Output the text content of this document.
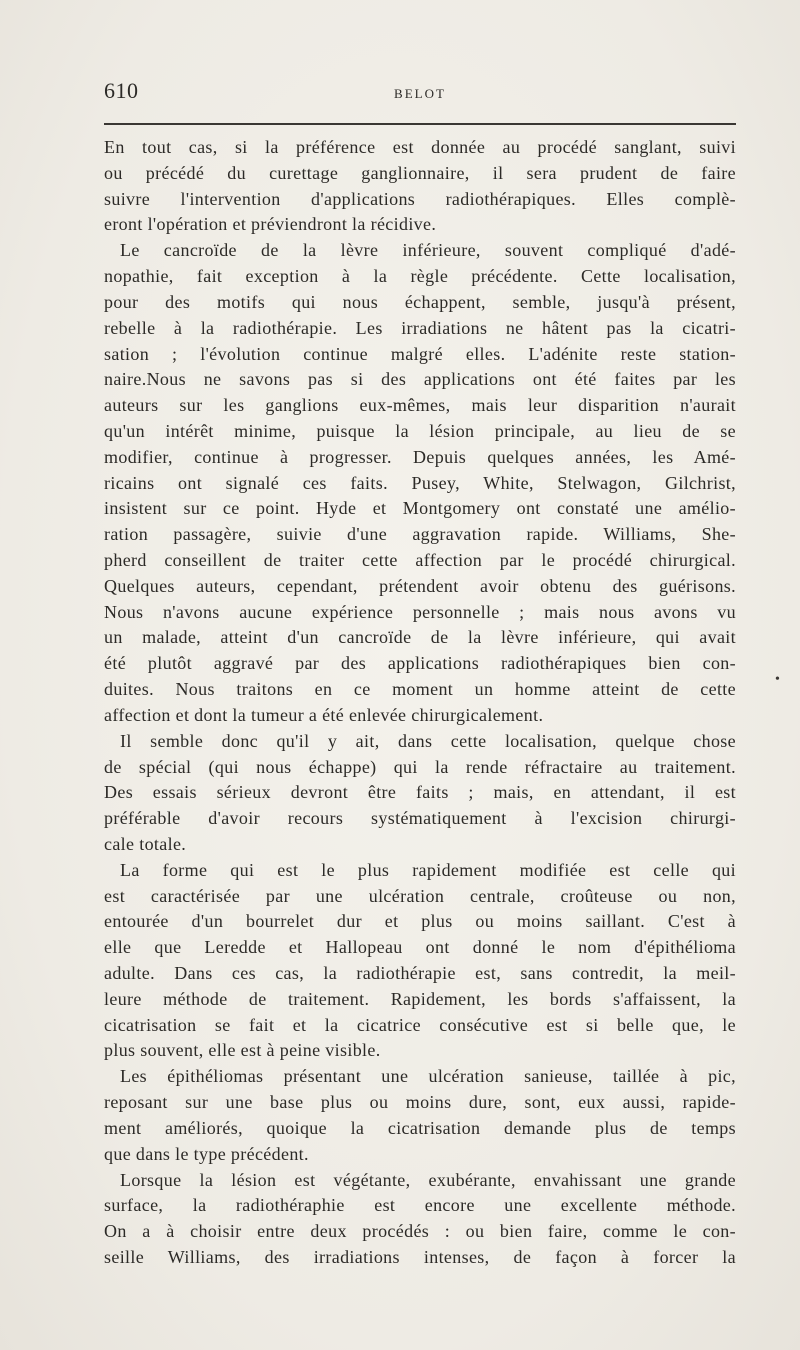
610	BELOT

En tout cas, si la préférence est donnée au procédé sanglant, suivi

ou précédé du curettage ganglionnaire, il sera prudent de faire

suivre l'intervention d'applications radiothérapiques. Elles complè-

eront l'opération et préviendront la récidive.

Le cancroïde de la lèvre inférieure, souvent compliqué d'adé-

nopathie, fait exception à la règle précédente. Cette localisation,

pour des motifs qui nous échappent, semble, jusqu'à présent,

rebelle à la radiothérapie. Les irradiations ne hâtent pas la cicatri-

sation ; l'évolution continue malgré elles. L'adénite reste station-

naire.Nous ne savons pas si des applications ont été faites par les

auteurs sur les ganglions eux-mêmes, mais leur disparition n'aurait

qu'un intérêt minime, puisque la lésion principale, au lieu de se

modifier, continue à progresser. Depuis quelques années, les Amé-

ricains ont signalé ces faits. Pusey, White, Stelwagon, Gilchrist,

insistent sur ce point. Hyde et Montgomery ont constaté une amélio-

ration passagère, suivie d'une aggravation rapide. Williams, She-

pherd conseillent de traiter cette affection par le procédé chirurgical.

Quelques auteurs, cependant, prétendent avoir obtenu des guérisons.

Nous n'avons aucune expérience personnelle ; mais nous avons vu

un malade, atteint d'un cancroïde de la lèvre inférieure, qui avait

été plutôt aggravé par des applications radiothérapiques bien con-

duites. Nous traitons en ce moment un homme atteint de cette

affection et dont la tumeur a été enlevée chirurgicalement.

Il semble donc qu'il y ait, dans cette localisation, quelque chose

de spécial (qui nous échappe) qui la rende réfractaire au traitement.

Des essais sérieux devront être faits ; mais, en attendant, il est

préférable d'avoir recours systématiquement à l'excision chirurgi-

cale totale.

La forme qui est le plus rapidement modifiée est celle qui

est caractérisée par une ulcération centrale, croûteuse ou non,

entourée d'un bourrelet dur et plus ou moins saillant. C'est à

elle que Leredde et Hallopeau ont donné le nom d'épithélioma

adulte. Dans ces cas, la radiothérapie est, sans contredit, la meil-

leure méthode de traitement. Rapidement, les bords s'affaissent, la

cicatrisation se fait et la cicatrice consécutive est si belle que, le

plus souvent, elle est à peine visible.

Les épithéliomas présentant une ulcération sanieuse, taillée à pic,

reposant sur une base plus ou moins dure, sont, eux aussi, rapide-

ment améliorés, quoique la cicatrisation demande plus de temps

que dans le type précédent.

Lorsque la lésion est végétante, exubérante, envahissant une grande

surface, la radiothéraphie est encore une excellente méthode.

On a à choisir entre deux procédés : ou bien faire, comme le con-

seille Williams, des irradiations intenses, de façon à forcer la

•
